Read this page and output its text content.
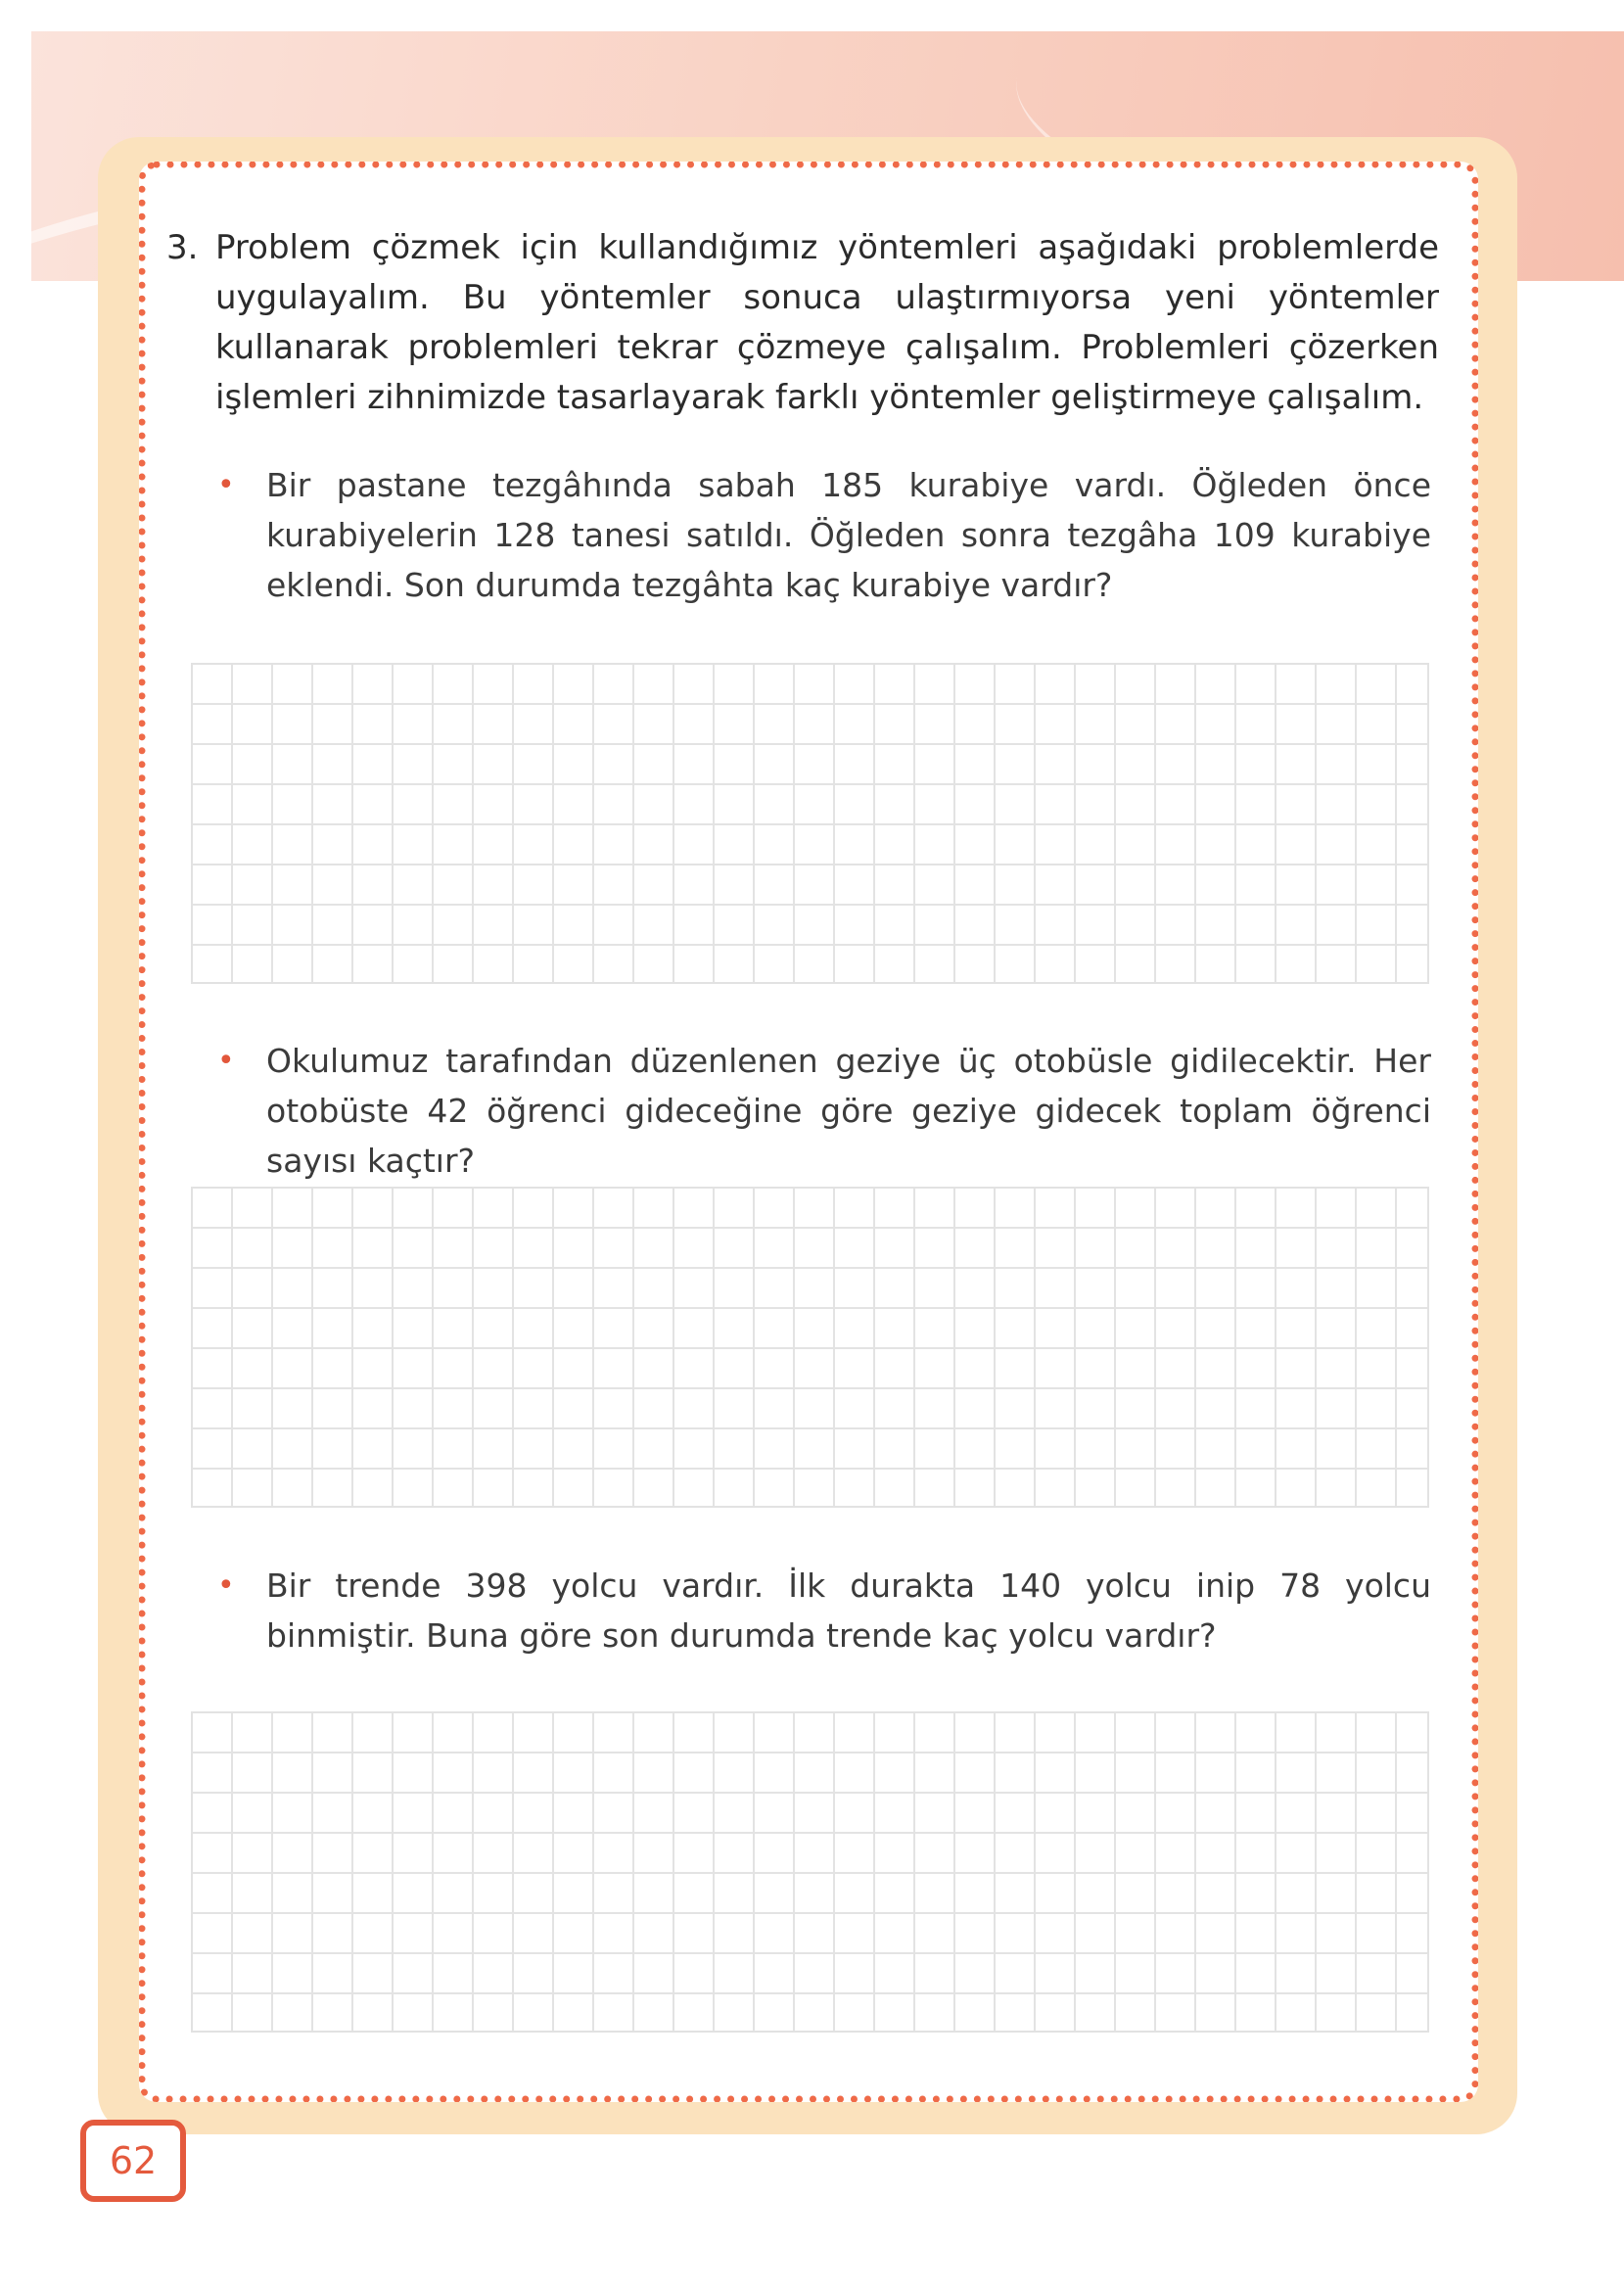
3. Problem çözmek için kullandığımız yöntemleri aşağıdaki problemlerde uygulayalım. Bu yöntemler sonuca ulaştırmıyorsa yeni yöntemler kullanarak problemleri tekrar çözmeye çalışalım. Problemleri çözerken işlemleri zihnimizde tasarlayarak farklı yöntemler geliştirmeye çalışalım.
• Bir pastane tezgâhında sabah 185 kurabiye vardı. Öğleden önce kurabiyelerin 128 tanesi satıldı. Öğleden sonra tezgâha 109 kurabiye eklendi. Son durumda tezgâhta kaç kurabiye vardır?
• Okulumuz tarafından düzenlenen geziye üç otobüsle gidilecektir. Her otobüste 42 öğrenci gideceğine göre geziye gidecek toplam öğrenci sayısı kaçtır?
• Bir trende 398 yolcu vardır. İlk durakta 140 yolcu inip 78 yolcu binmiştir. Buna göre son durumda trende kaç yolcu vardır?
62
